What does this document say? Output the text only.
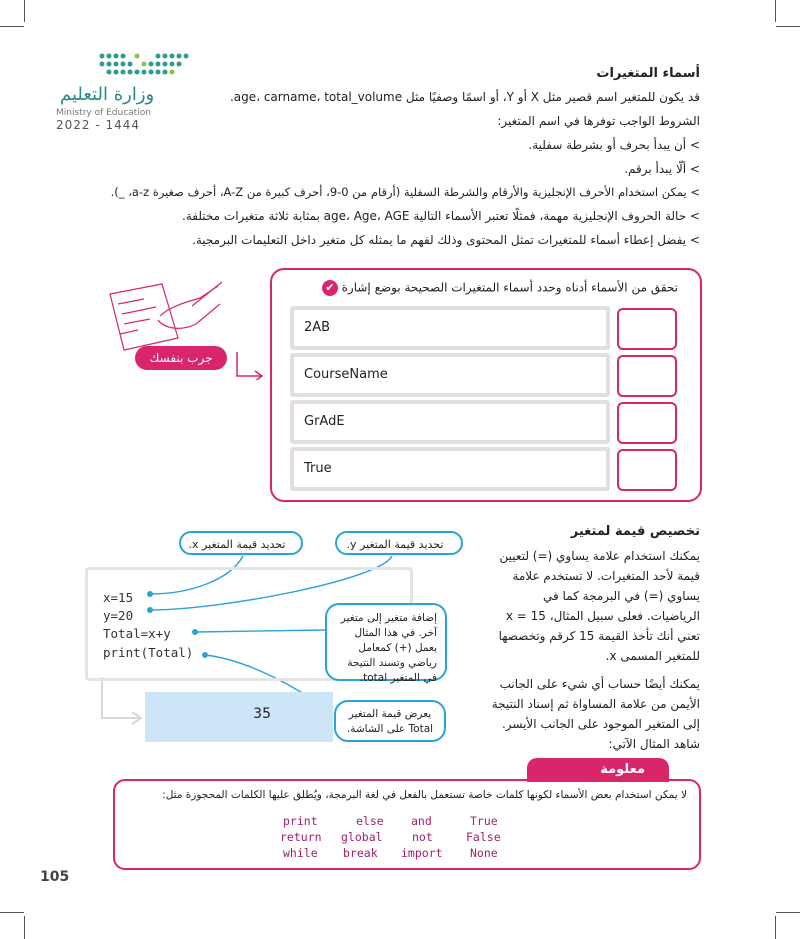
وزارة التعليم
Ministry of Education
2022 - 1444
أسماء المتغيرات
قد يكون للمتغير اسم قصير مثل X أو Y، أو اسمًا وصفيًا مثل age، carname، total_volume.
الشروط الواجب توفرها في اسم المتغير:
> أن يبدأ بحرف أو بشرطة سفلية.
> ألّا يبدأ برقم.
> يمكن استخدام الأحرف الإنجليزية والأرقام والشرطة السفلية (أرقام من 0-9، أحرف كبيرة من A-Z، أحرف صغيرة a-z، _).
> حالة الحروف الإنجليزية مهمة، فمثلًا تعتبر الأسماء التالية age، Age، AGE بمثابة ثلاثة متغيرات مختلفة.
> يفضل إعطاء أسماء للمتغيرات تمثل المحتوى وذلك لفهم ما يمثله كل متغير داخل التعليمات البرمجية.
جرب بنفسك
تحقق من الأسماء أدناه وحدد أسماء المتغيرات الصحيحة بوضع إشارة ✔
2AB
CourseName
GrAdE
True
تخصيص قيمة لمتغير
يمكنك استخدام علامة يساوي (=) لتعيين قيمة لأحد المتغيرات. لا تستخدم علامة يساوي (=) في البرمجة كما في الرياضيات. فعلى سبيل المثال، x = 15 تعني أنك تأخذ القيمة 15 كرقم وتخصصها للمتغير المسمى x.
يمكنك أيضًا حساب أي شيء على الجانب الأيمن من علامة المساواة ثم إسناد النتيجة إلى المتغير الموجود على الجانب الأيسر. شاهد المثال الآتي:
تحديد قيمة المتغير x.	تحديد قيمة المتغير y.
x=15
y=20
Total=x+y
print(Total)
إضافة متغير إلى متغير آخر. في هذا المثال يعمل (+) كمعامل رياضي وتسند النتيجة في المتغير total.
35	يعرض قيمة المتغير Total على الشاشة.
معلومة
لا يمكن استخدام بعض الأسماء لكونها كلمات خاصة تستعمل بالفعل في لغة البرمجة، ويُطلق عليها الكلمات المحجوزة مثل:
print	else and	True
return global	not	False
while break import None
105
